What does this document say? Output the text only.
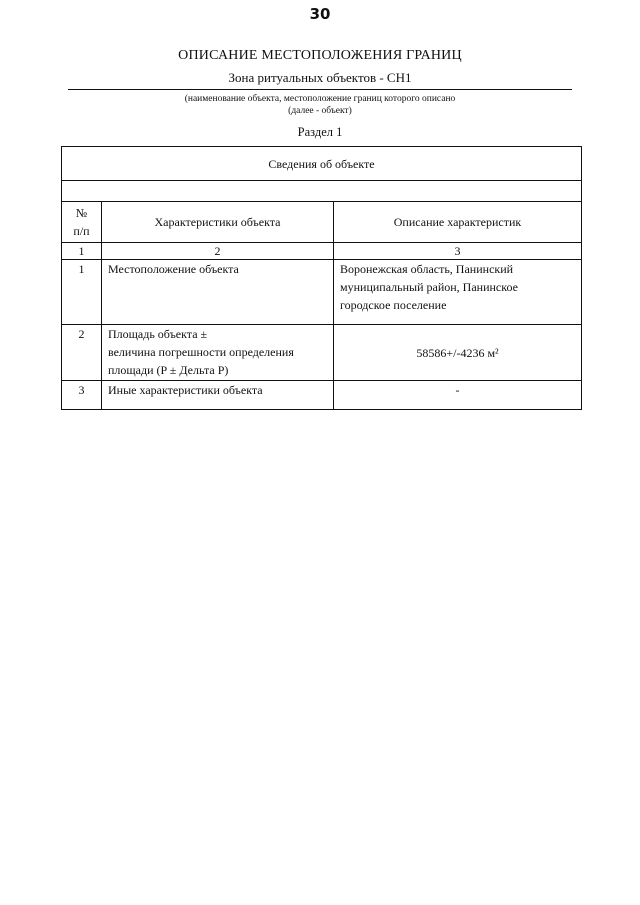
30
ОПИСАНИЕ МЕСТОПОЛОЖЕНИЯ ГРАНИЦ
Зона ритуальных объектов - СН1
(наименование объекта, местоположение границ которого описано
(далее - объект)
Раздел 1
Сведения об объекте		

№
п/п	Характеристики объекта	Описание характеристик
1	2	3
1	Местоположение объекта	Воронежская область, Панинский
муниципальный район, Панинское
городское поселение

2	Площадь объекта ±
величина погрешности определения
площади (P ± Дельта P)	58586+/-4236 м²
3	Иные характеристики объекта	-
